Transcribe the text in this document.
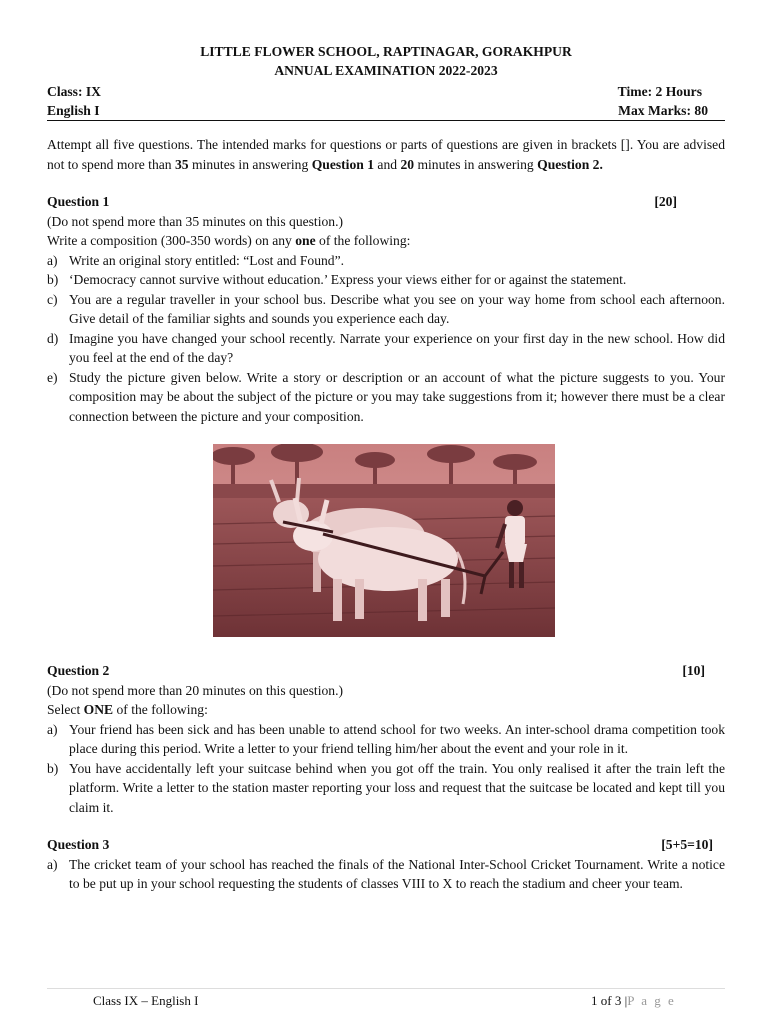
LITTLE FLOWER SCHOOL, RAPTINAGAR, GORAKHPUR
ANNUAL EXAMINATION 2022-2023
Class: IX	Time: 2 Hours
English I	Max Marks: 80
Attempt all five questions. The intended marks for questions or parts of questions are given in brackets []. You are advised not to spend more than 35 minutes in answering Question 1 and 20 minutes in answering Question 2.
Question 1	[20]
(Do not spend more than 35 minutes on this question.)
Write a composition (300-350 words) on any one of the following:
a) Write an original story entitled: “Lost and Found”.
b) ‘Democracy cannot survive without education.’ Express your views either for or against the statement.
c) You are a regular traveller in your school bus. Describe what you see on your way home from school each afternoon. Give detail of the familiar sights and sounds you experience each day.
d) Imagine you have changed your school recently. Narrate your experience on your first day in the new school. How did you feel at the end of the day?
e) Study the picture given below. Write a story or description or an account of what the picture suggests to you. Your composition may be about the subject of the picture or you may take suggestions from it; however there must be a clear connection between the picture and your composition.
Question 2	[10]
(Do not spend more than 20 minutes on this question.)
Select ONE of the following:
a) Your friend has been sick and has been unable to attend school for two weeks. An inter-school drama competition took place during this period. Write a letter to your friend telling him/her about the event and your role in it.
b) You have accidentally left your suitcase behind when you got off the train. You only realised it after the train left the platform. Write a letter to the station master reporting your loss and request that the suitcase be located and kept till you claim it.
Question 3	[5+5=10]
a) The cricket team of your school has reached the finals of the National Inter-School Cricket Tournament. Write a notice to be put up in your school requesting the students of classes VIII to X to reach the stadium and cheer your team.
Class IX – English I	1 of 3 |P a g e
